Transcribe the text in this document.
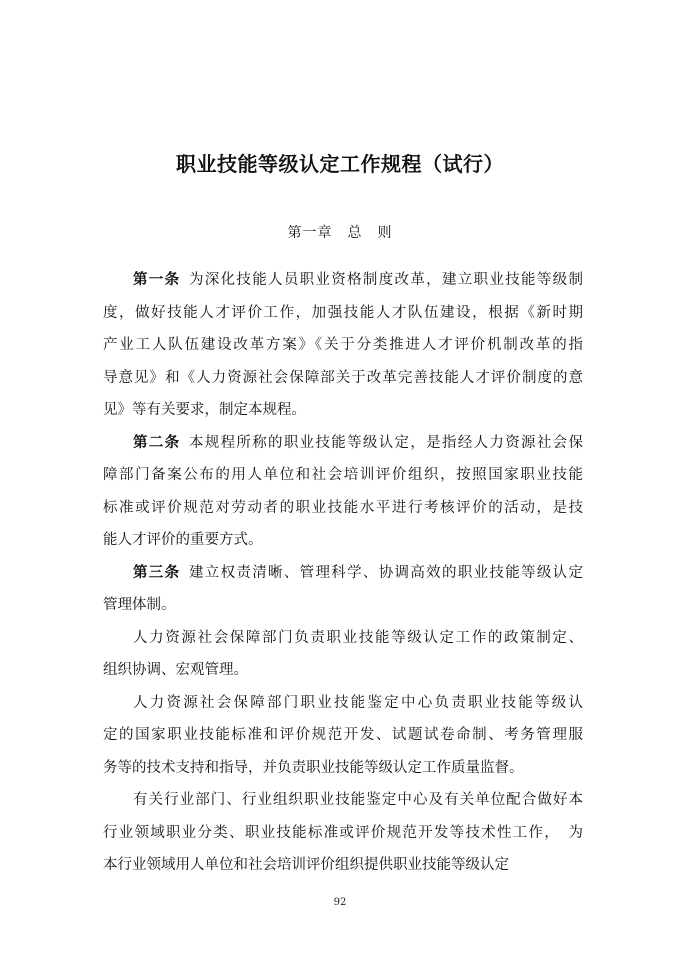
职业技能等级认定工作规程（试行）
第一章　总　则
第一条  为深化技能人员职业资格制度改革，建立职业技能等级制
度，做好技能人才评价工作，加强技能人才队伍建设，根据《新时期
产业工人队伍建设改革方案》《关于分类推进人才评价机制改革的指
导意见》和《人力资源社会保障部关于改革完善技能人才评价制度的意
见》等有关要求，制定本规程。
第二条  本规程所称的职业技能等级认定，是指经人力资源社会保
障部门备案公布的用人单位和社会培训评价组织，按照国家职业技能
标准或评价规范对劳动者的职业技能水平进行考核评价的活动，是技
能人才评价的重要方式。
第三条  建立权责清晰、管理科学、协调高效的职业技能等级认定
管理体制。
人力资源社会保障部门负责职业技能等级认定工作的政策制定、
组织协调、宏观管理。
人力资源社会保障部门职业技能鉴定中心负责职业技能等级认
定的国家职业技能标准和评价规范开发、试题试卷命制、考务管理服
务等的技术支持和指导，并负责职业技能等级认定工作质量监督。
有关行业部门、行业组织职业技能鉴定中心及有关单位配合做好本
行业领域职业分类、职业技能标准或评价规范开发等技术性工作，　为
本行业领域用人单位和社会培训评价组织提供职业技能等级认定
92
